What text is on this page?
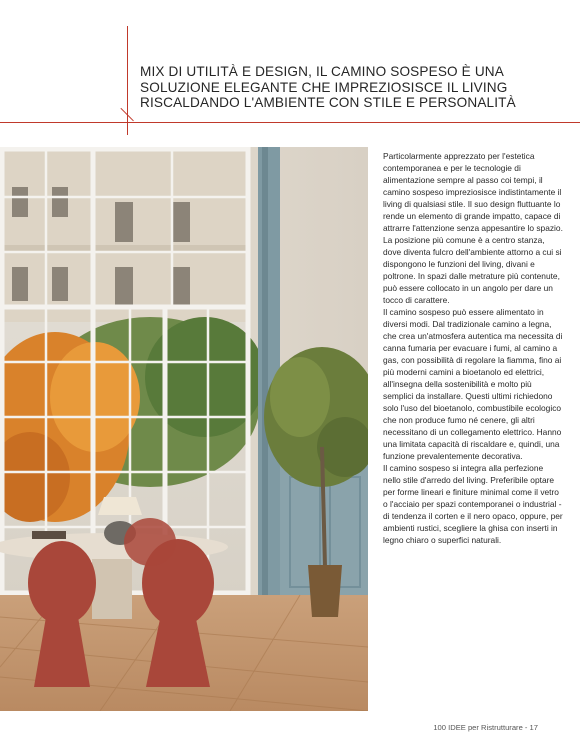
MIX DI UTILITÀ E DESIGN, IL CAMINO SOSPESO È UNA SOLUZIONE ELEGANTE CHE IMPREZIOSISCE IL LIVING RISCALDANDO L'AMBIENTE CON STILE E PERSONALITÀ

Particolarmente apprezzato per l'estetica contemporanea e per le tecnologie di alimentazione sempre al passo coi tempi, il camino sospeso impreziosisce indistintamente il living di qualsiasi stile. Il suo design fluttuante lo rende un elemento di grande impatto, capace di attrarre l'attenzione senza appesantire lo spazio.

La posizione più comune è a centro stanza, dove diventa fulcro dell'ambiente attorno a cui si dispongono le funzioni del living, divani e poltrone. In spazi dalle metrature più contenute, può essere collocato in un angolo per dare un tocco di carattere.

Il camino sospeso può essere alimentato in diversi modi. Dal tradizionale camino a legna, che crea un'atmosfera autentica ma necessita di canna fumaria per evacuare i fumi, al camino a gas, con possibilità di regolare la fiamma, fino ai più moderni camini a bioetanolo ed elettrici, all'insegna della sostenibilità e molto più semplici da installare. Questi ultimi richiedono solo l'uso del bioetanolo, combustibile ecologico che non produce fumo né cenere, gli altri necessitano di un collegamento elettrico. Hanno una limitata capacità di riscaldare e, quindi, una funzione prevalentemente decorativa.

Il camino sospeso si integra alla perfezione nello stile d'arredo del living. Preferibile optare per forme lineari e finiture minimal come il vetro o l'acciaio per spazi contemporanei o industrial - di tendenza il corten e il nero opaco, oppure, per ambienti rustici, scegliere la ghisa con inserti in legno chiaro o superfici naturali.

100 IDEE per Ristrutturare - 17
